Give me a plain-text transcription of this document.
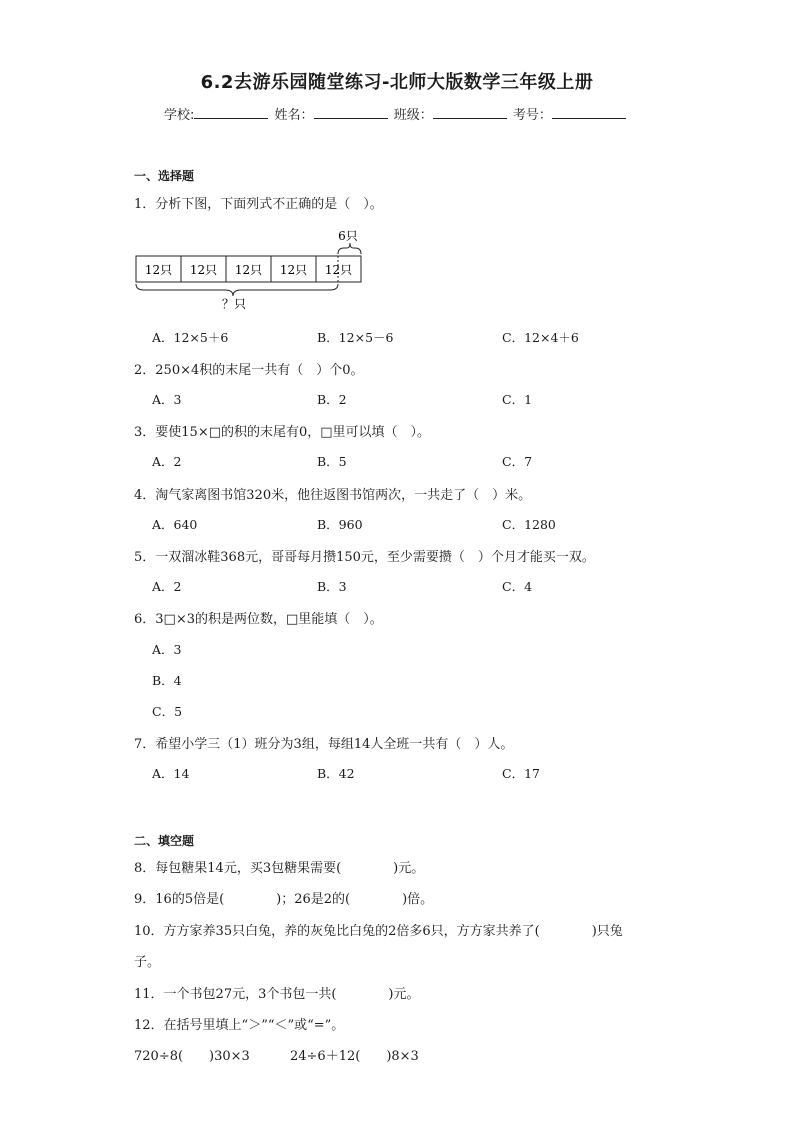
6.2去游乐园随堂练习-北师大版数学三年级上册
学校:	姓名：	班级：	考号：
一、选择题
1．分析下图，下面列式不正确的是（　）。
12只 12只 12只 12只 12只
6只
？只
A．12×5＋6	B．12×5－6	C．12×4＋6
2．250×4积的末尾一共有（　）个0。
A．3	B．2	C．1
3．要使15×□的积的末尾有0，□里可以填（　）。
A．2	B．5	C．7
4．淘气家离图书馆320米，他往返图书馆两次，一共走了（　）米。
A．640	B．960	C．1280
5．一双溜冰鞋368元，哥哥每月攒150元，至少需要攒（　）个月才能买一双。
A．2	B．3	C．4
6．3□×3的积是两位数，□里能填（　）。
A．3
B．4
C．5
7．希望小学三（1）班分为3组，每组14人全班一共有（　）人。
A．14	B．42	C．17
二、填空题
8．每包糖果14元，买3包糖果需要(　　　　)元。
9．16的5倍是(　　　　)；26是2的(　　　　)倍。
10．方方家养35只白兔，养的灰兔比白兔的2倍多6只，方方家共养了(　　　　)只兔
子。
11．一个书包27元，3个书包一共(　　　　)元。
12．在括号里填上“＞”“＜”或“=”。
720÷8(　　)30×3	24÷6＋12(　　)8×3
